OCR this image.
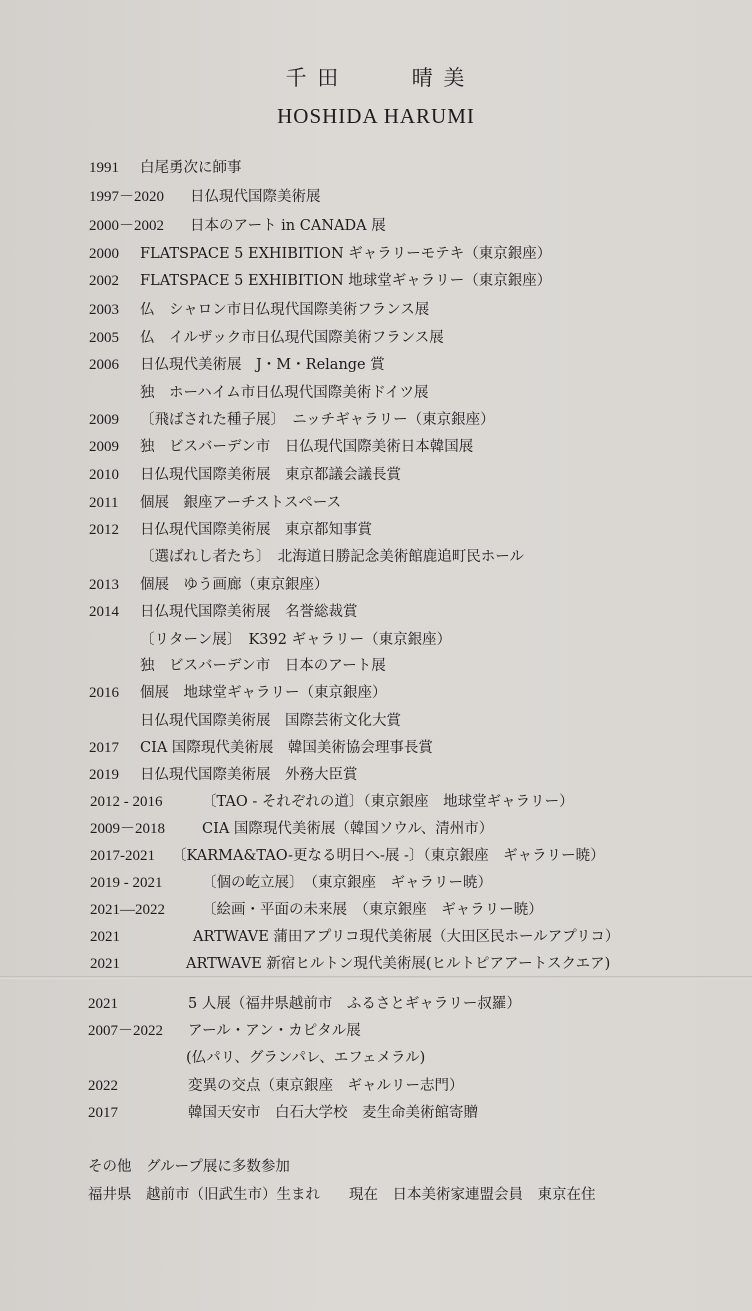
千 田	晴 美
HOSHIDA HARUMI
1991 白尾勇次に師事
1997－2020 日仏現代国際美術展
2000－2002 日本のアート in CANADA 展
2000 FLATSPACE 5 EXHIBITION ギャラリーモテキ（東京銀座）
2002 FLATSPACE 5 EXHIBITION 地球堂ギャラリー（東京銀座）
2003 仏　シャロン市日仏現代国際美術フランス展
2005 仏　イルザック市日仏現代国際美術フランス展
2006 日仏現代美術展　J・M・Relange 賞
独　ホーハイム市日仏現代国際美術ドイツ展
2009 〔飛ばされた種子展〕　ニッチギャラリー（東京銀座）
2009 独　ビスバーデン市　日仏現代国際美術日本韓国展
2010 日仏現代国際美術展　東京都議会議長賞
2011 個展　銀座アーチストスペース
2012 日仏現代国際美術展　東京都知事賞
〔選ばれし者たち〕　北海道日勝記念美術館鹿追町民ホール
2013 個展　ゆう画廊（東京銀座）
2014 日仏現代国際美術展　名誉総裁賞
〔リターン展〕　K392 ギャラリー（東京銀座）
独　ビスバーデン市　日本のアート展
2016 個展　地球堂ギャラリー（東京銀座）
日仏現代国際美術展　国際芸術文化大賞
2017 CIA 国際現代美術展　韓国美術協会理事長賞
2019 日仏現代国際美術展　外務大臣賞
2012 - 2016	〔TAO - それぞれの道〕（東京銀座　地球堂ギャラリー）
2009－2018	CIA 国際現代美術展（韓国ソウル、清州市）
2017-2021 〔KARMA&TAO-更なる明日へ-展 -〕（東京銀座　ギャラリー暁）
2019 - 2021	〔個の屹立展〕　（東京銀座　ギャラリー暁）
2021―2022	〔絵画・平面の未来展　（東京銀座　ギャラリー暁）
2021	ARTWAVE 蒲田アプリコ現代美術展（大田区民ホールアプリコ）
2021	ARTWAVE 新宿ヒルトン現代美術展(ヒルトピアアートスクエア)
2021	5 人展（福井県越前市　ふるさとギャラリー叔羅）
2007－2022 アール・アン・カピタル展
(仏パリ、グランパレ、エフェメラル)
2022	変異の交点（東京銀座　ギャルリー志門）
2017	韓国天安市　白石大学校　麦生命美術館寄贈
その他　グループ展に多数参加
福井県　越前市（旧武生市）生まれ　　現在　日本美術家連盟会員　東京在住
